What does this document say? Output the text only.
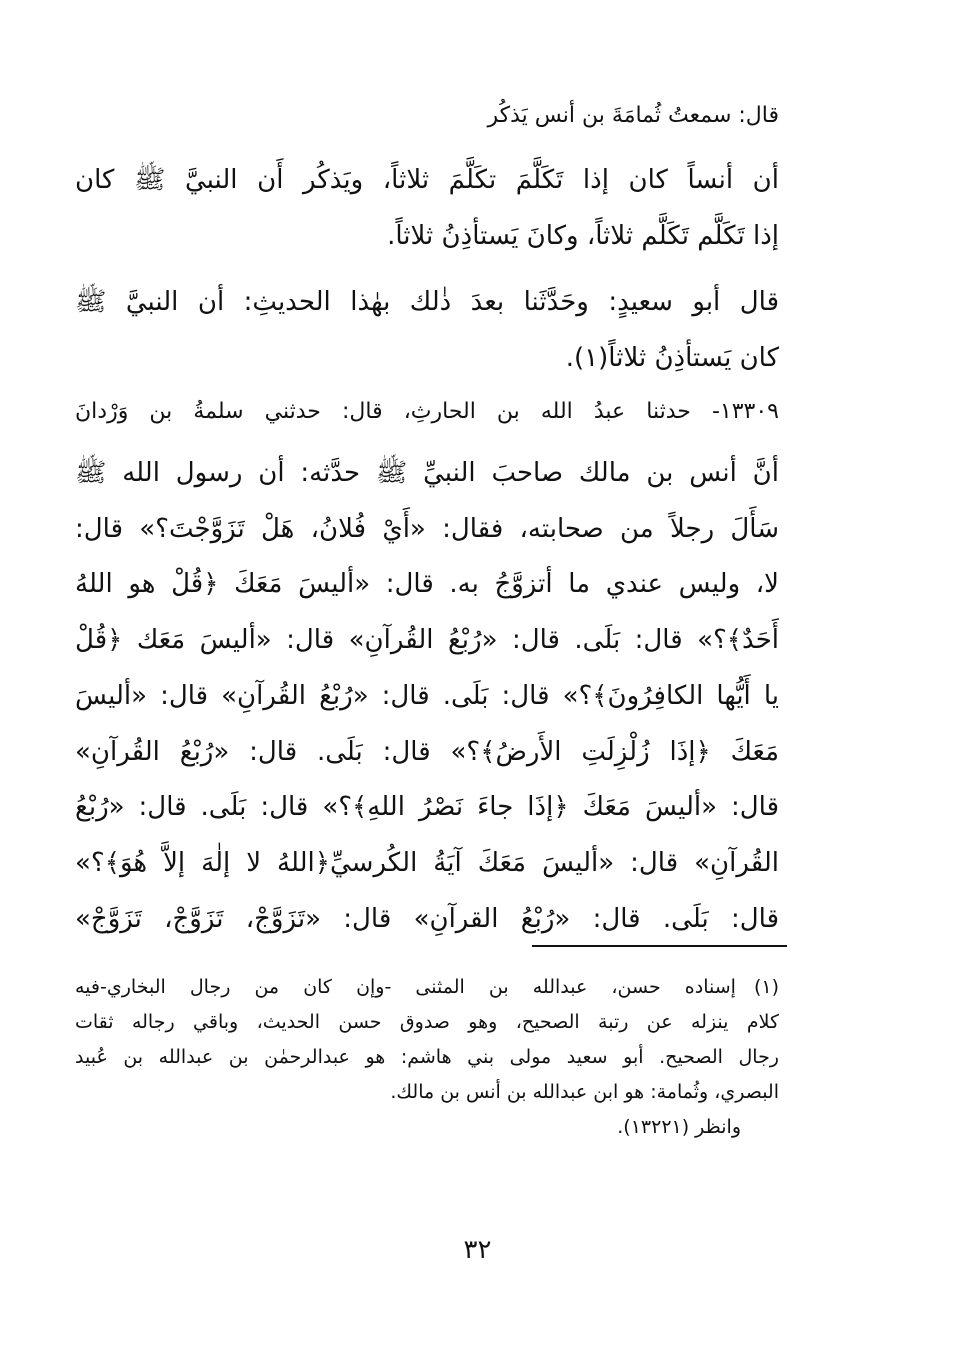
قال: سمعتُ ثُمامَةَ بن أنس يَذكُر
أن أنساً كان إذا تَكَلَّمَ تكَلَّمَ ثلاثاً، ويَذكُر أَن النبيَّ ﷺ كان
إذا تَكَلَّم تَكَلَّم ثلاثاً، وكانَ يَستأذِنُ ثلاثاً.
قال أبو سعيدٍ: وحَدَّثَنا بعدَ ذٰلك بهٰذا الحديثِ: أن النبيَّ ﷺ
كان يَستأذِنُ ثلاثاً(١).
١٣٣٠٩- حدثنا عبدُ الله بن الحارثِ، قال: حدثني سلمةُ بن وَرْدانَ
أنَّ أنس بن مالك صاحبَ النبيِّ ﷺ حدَّثه: أن رسول الله ﷺ
سَأَلَ رجلاً من صحابته، فقال: «أَيْ فُلانُ، هَلْ تَزَوَّجْتَ؟» قال:
لا، وليس عندي ما أتزوَّجُ به. قال: «أليسَ مَعَكَ ﴿قُلْ هو اللهُ
أَحَدٌ﴾؟» قال: بَلَى. قال: «رُبْعُ القُرآنِ» قال: «أليسَ مَعَك ﴿قُلْ
يا أَيُّها الكافِرُونَ﴾؟» قال: بَلَى. قال: «رُبْعُ القُرآنِ» قال: «أليسَ
مَعَكَ ﴿إذَا زُلْزِلَتِ الأَرضُ﴾؟» قال: بَلَى. قال: «رُبْعُ القُرآنِ»
قال: «أليسَ مَعَكَ ﴿إذَا جاءَ نَصْرُ اللهِ﴾؟» قال: بَلَى. قال: «رُبْعُ
القُرآنِ» قال: «أليسَ مَعَكَ آيَةُ الكُرسيِّ﴿اللهُ لا إلٰهَ إلاَّ هُوَ﴾؟»
قال: بَلَى. قال: «رُبْعُ القرآنِ» قال: «تَزَوَّجْ، تَزَوَّجْ، تَزَوَّجْ»
(١)إسناده حسن، عبدالله بن المثنى -وإن كان من رجال البخاري-فيه
كلام ينزله عن رتبة الصحيح، وهو صدوق حسن الحديث، وباقي رجاله ثقات
رجال الصحيح. أبو سعيد مولى بني هاشم: هو عبدالرحمٰن بن عبدالله بن عُبيد
البصري، وثُمامة: هو ابن عبدالله بن أنس بن مالك.
وانظر (١٣٢٢١).
٣٢
